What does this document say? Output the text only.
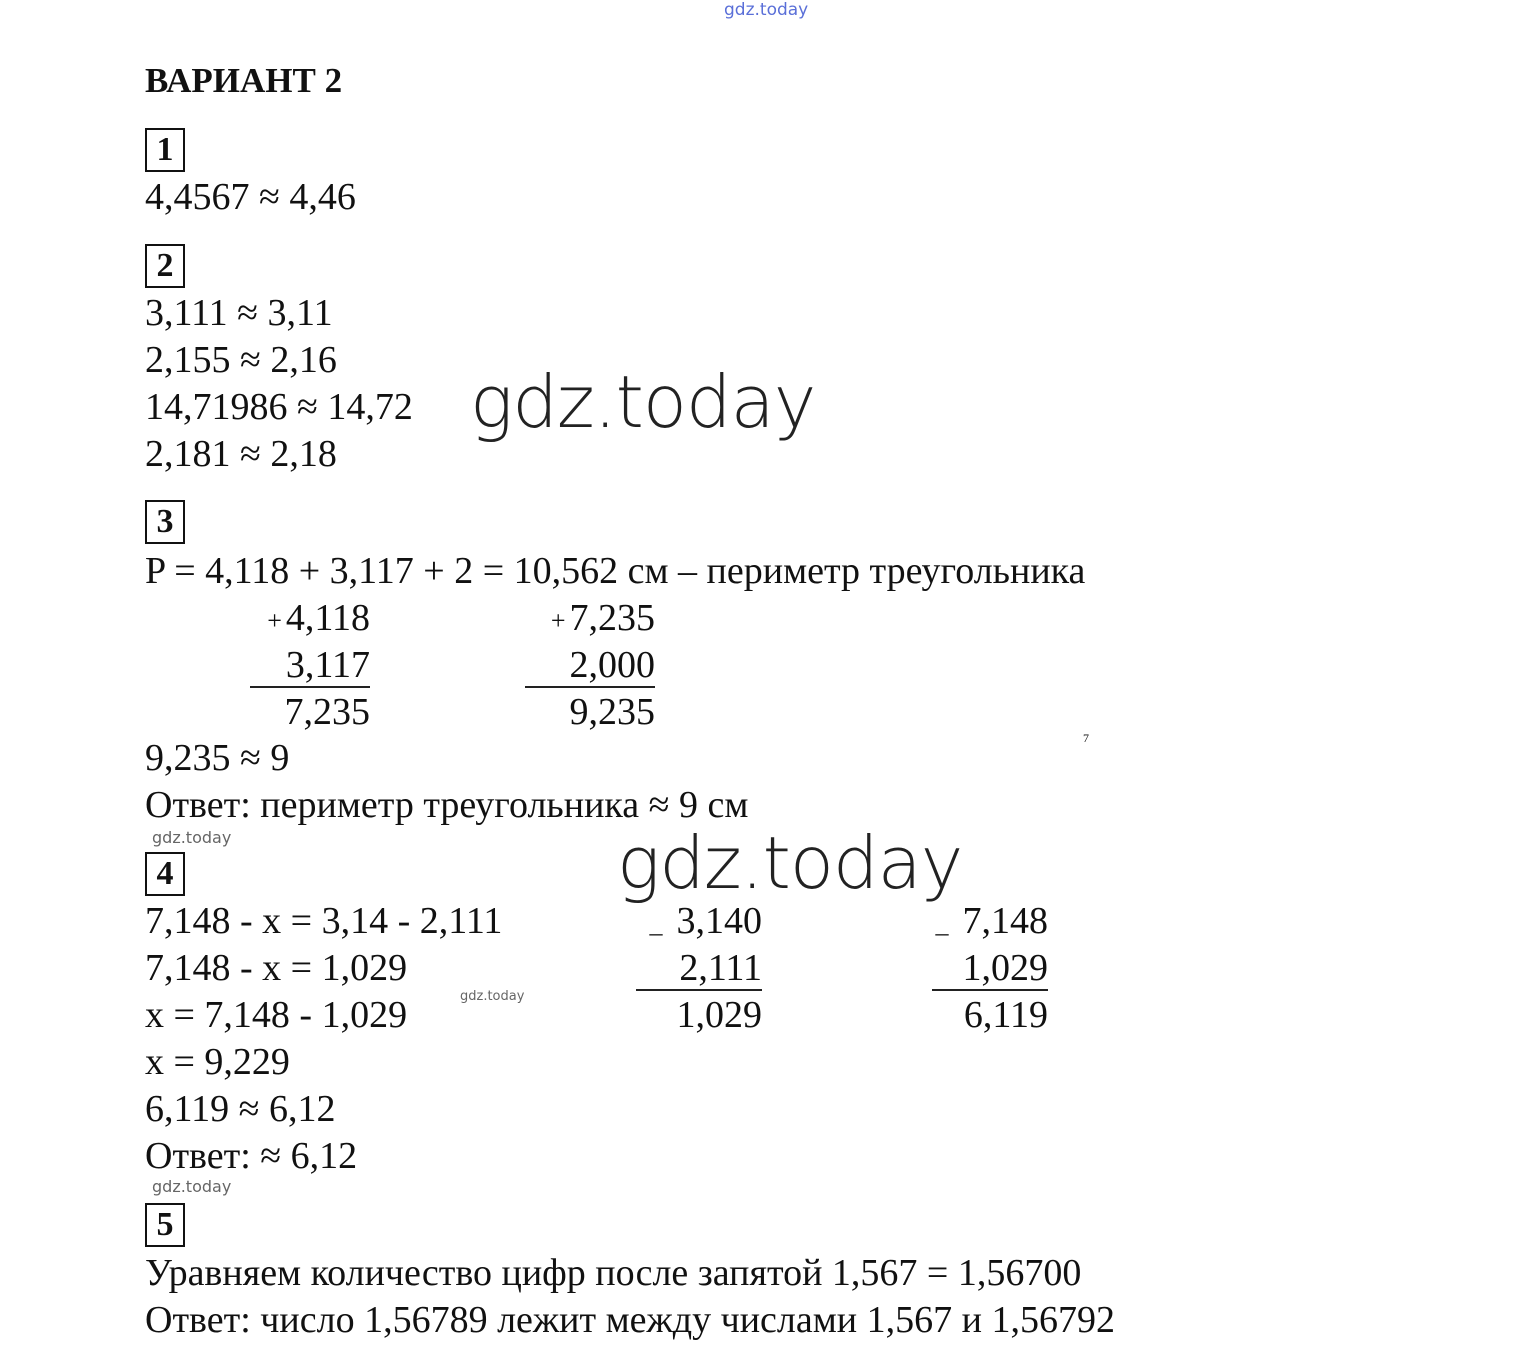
gdz.today
ВАРИАНТ 2
1
4,4567 ≈ 4,46
2
3,111 ≈ 3,11
2,155 ≈ 2,16
14,71986 ≈ 14,72
2,181 ≈ 2,18
gdz.today
3
P = 4,118 + 3,117 + 2 = 10,562 см – периметр треугольника
+ 4,118
3,117
7,235
+ 7,235
2,000
9,235
7
9,235 ≈ 9
Ответ: периметр треугольника ≈ 9 см
gdz.today	gdz.today
4
7,148 - x = 3,14 - 2,111
7,148 - x = 1,029
gdz.today
x = 7,148 - 1,029
x = 9,229
6,119 ≈ 6,12
Ответ: ≈ 6,12
gdz.today
_ 3,140
2,111
1,029
_ 7,148
1,029
6,119
5
Уравняем количество цифр после запятой 1,567 = 1,56700
Ответ: число 1,56789 лежит между числами 1,567 и 1,56792
